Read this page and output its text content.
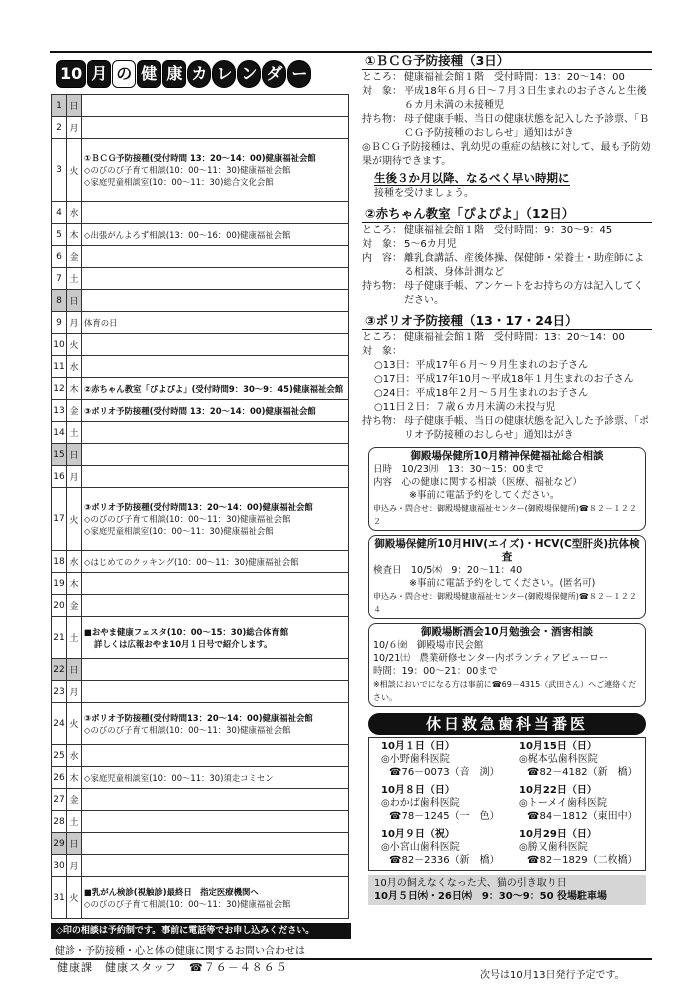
10 月 の 健 康 カ レ ン ダ ー
1	日	
2	月	
3	火	①ＢＣＧ予防接種(受付時間 13：20～14：00)健康福祉会館
◇のびのび子育て相談(10：00～11：30)健康福祉会館
◇家庭児童相談室(10：00～11：30)総合文化会館

4	水	
5	木	◇出張がんよろず相談(13：00～16：00)健康福祉会館

6	金	
7	土	
8	日	
9	月	体育の日

10	火	
11	水	
12	木	②赤ちゃん教室「ぴよぴよ」(受付時間9：30～9：45)健康福祉会館

13	金	③ポリオ予防接種(受付時間 13：20～14：00)健康福祉会館

14	土	
15	日	
16	月	
17	火	③ポリオ予防接種(受付時間13：20～14：00)健康福祉会館
◇のびのび子育て相談(10：00～11：30)健康福祉会館
◇家庭児童相談室(10：00～11：30)健康福祉会館

18	水	◇はじめてのクッキング(10：00～11：30)健康福祉会館

19	木	
20	金	
21	土	■おやま健康フェスタ(10：00～15：30)総合体育館
詳しくは広報おやま10月１日号で紹介します。

22	日	
23	月	
24	火	③ポリオ予防接種(受付時間13：20～14：00)健康福祉会館
◇のびのび子育て相談(10：00～11：30)健康福祉会館

25	水	
26	木	◇家庭児童相談室(10：00～11：30)須走コミセン

27	金	
28	土	
29	日	
30	月	
31	火	■乳がん検診(視触診)最終日　指定医療機関へ
◇のびのび子育て相談(10：00～11：30)健康福祉会館
◇印の相談は予約制です。事前に電話等でお申し込みください。
健診・予防接種・心と体の健康に関するお問い合わせは
健康課　健康スタッフ　☎７６－４８６５
①ＢＣＧ予防接種（3日）
ところ： 健康福祉会館１階　受付時間：13：20～14：00
対　象： 平成18年６月６日～７月３日生まれのお子さんと生後６カ月未満の未接種児
持ち物： 母子健康手帳、当日の健康状態を記入した予診票、「ＢＣＧ予防接種のおしらせ」通知はがき
◎ＢＣＧ予防接種は、乳幼児の重症の結核に対して、最も予防効果が期待できます。
生後３か月以降、なるべく早い時期に
接種を受けましょう。
②赤ちゃん教室「ぴよぴよ」（12日）
ところ： 健康福祉会館１階　受付時間：9：30～9：45
対　象： 5～6カ月児
内　容： 離乳食講話、産後体操、保健師・栄養士・助産師による相談、身体計測など
持ち物： 母子健康手帳、アンケートをお持ちの方は記入してください。
③ポリオ予防接種（13・17・24日）
ところ： 健康福祉会館１階　受付時間：13：20～14：00
対　象：
○13日：平成17年６月～９月生まれのお子さん
○17日：平成17年10月～平成18年１月生まれのお子さん
○24日：平成18年２月～５月生まれのお子さん
○11日２日：７歳６カ月未満の未投与児
持ち物： 母子健康手帳、当日の健康状態を記入した予診票、「ポリオ予防接種のおしらせ」通知はがき
御殿場保健所10月精神保健福祉総合相談
日時　10/23㈪　13：30～15：00まで
内容　心の健康に関する相談（医療、福祉など）
※事前に電話予約をしてください。
申込み・問合せ：御殿場健康福祉センター(御殿場保健所)☎８２－１２２２
御殿場保健所10月HIV(エイズ)・HCV(C型肝炎)抗体検査
検査日　10/5㈭　9：20～11：40
※事前に電話予約をしてください。(匿名可)
申込み・問合せ：御殿場健康福祉センター(御殿場保健所)☎８２－１２２４
御殿場断酒会10月勉強会・酒害相談
10/６㈮　御殿場市民会館
10/21㈯　農業研修センター内ボランティアビューロー
時間：19：00～21：00まで
※相談においでになる方は事前に☎69－4315（武田さん）へご連絡ください。
休日救急歯科当番医
10月１日（日）
◎小野歯科医院
☎76－0073（音　渕）
10月15日（日）
◎梶本弘歯科医院
☎82－4182（新　橋）
10月８日（日）
◎わかば歯科医院
☎78－1245（一　色）
10月22日（日）
◎トーメイ歯科医院
☎84－1812（東田中）
10月９日（祝）
◎小宮山歯科医院
☎82－2336（新　橋）
10月29日（日）
◎勝又歯科医院
☎82－1829（二枚橋）
10月の飼えなくなった犬、猫の引き取り日
10月５日㈭・26日㈭　9：30～9：50 役場駐車場
次号は10月13日発行予定です。
